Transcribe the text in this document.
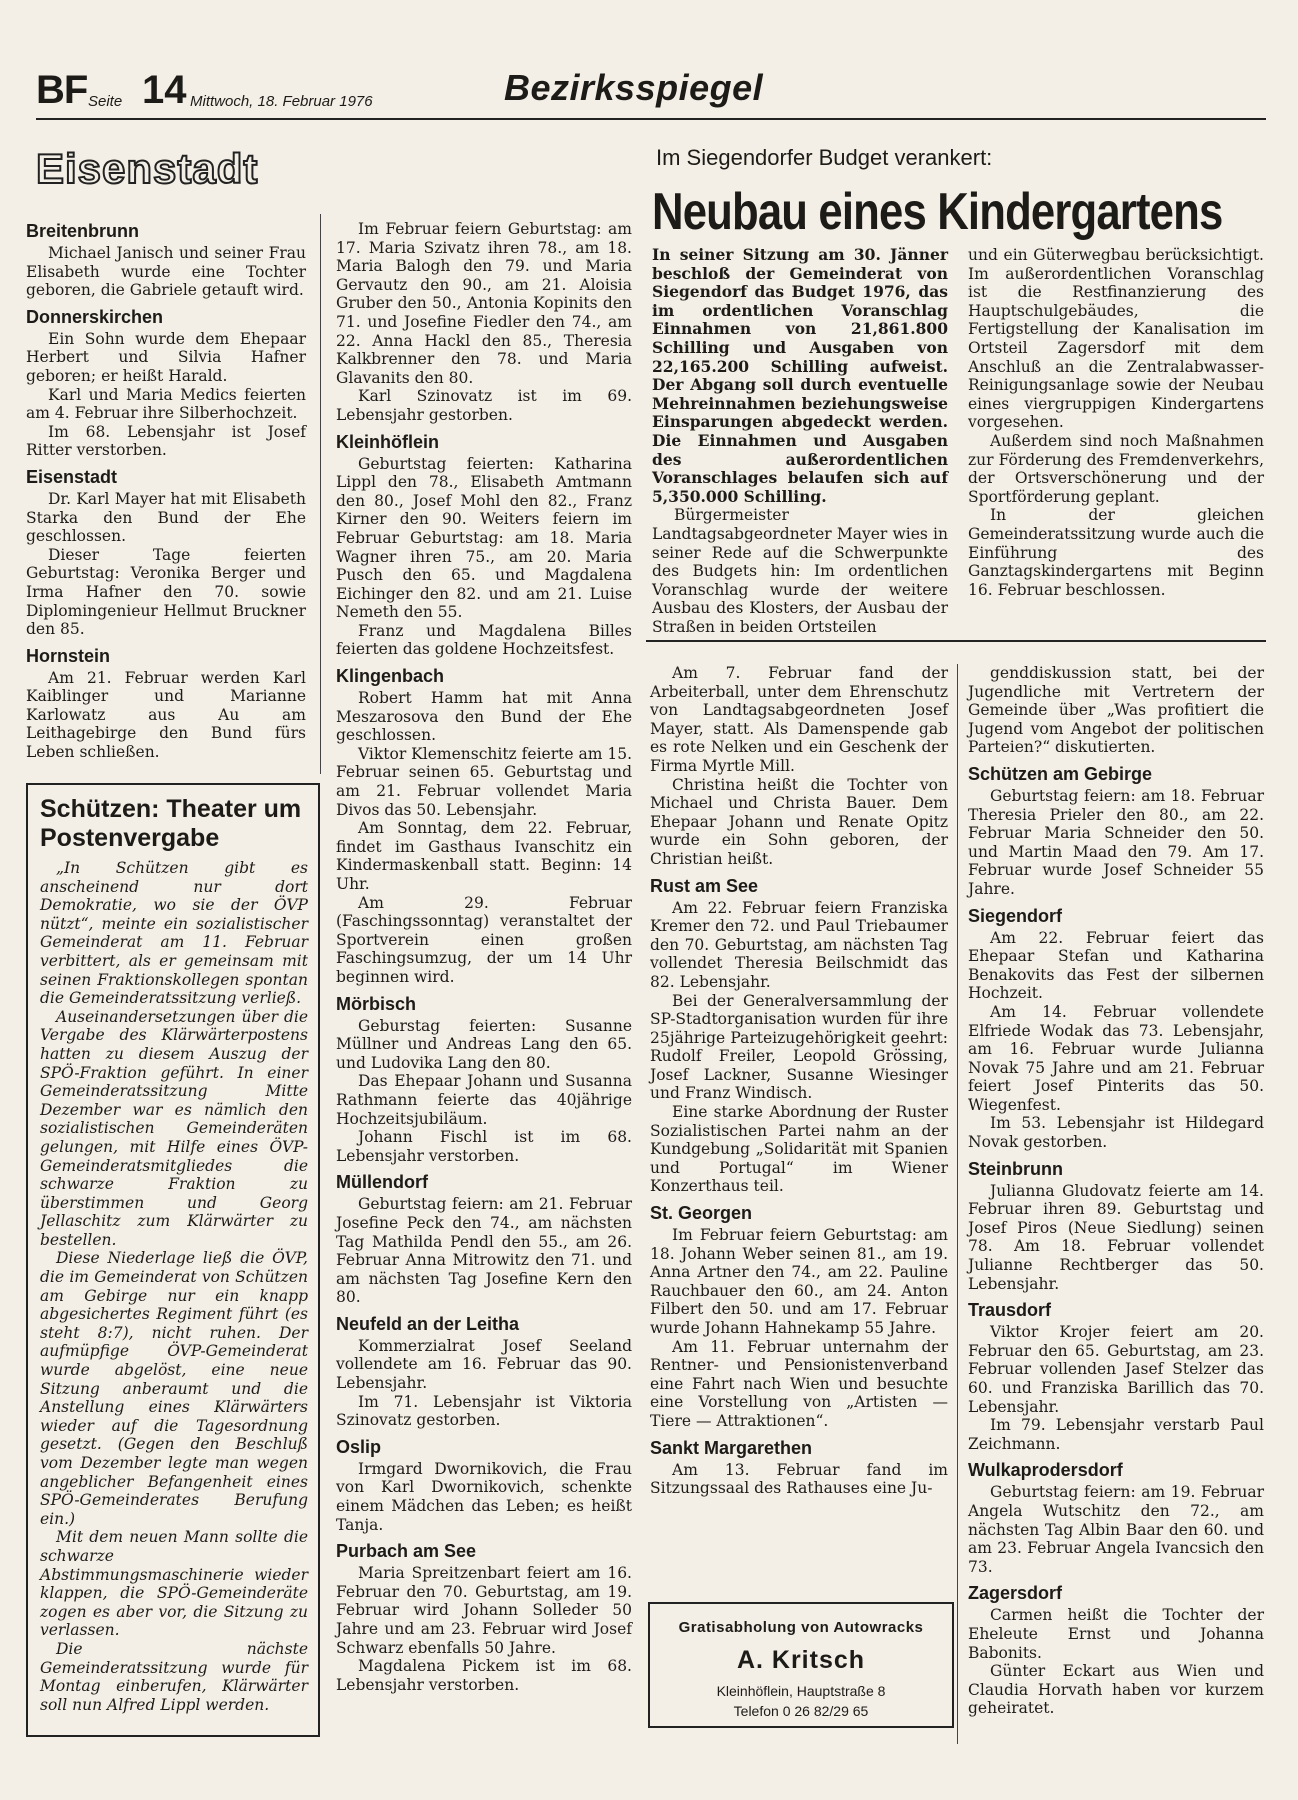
BF Seite 14 Mittwoch, 18. Februar 1976	Bezirksspiegel
Eisenstadt
Breitenbrunn

Michael Janisch und seiner Frau Elisabeth wurde eine Tochter geboren, die Gabriele getauft wird.

Donnerskirchen

Ein Sohn wurde dem Ehepaar Herbert und Silvia Hafner geboren; er heißt Harald.

Karl und Maria Medics feierten am 4. Februar ihre Silberhochzeit.

Im 68. Lebensjahr ist Josef Ritter verstorben.

Eisenstadt

Dr. Karl Mayer hat mit Elisabeth Starka den Bund der Ehe geschlossen.

Dieser Tage feierten Geburtstag: Veronika Berger und Irma Hafner den 70. sowie Diplomingenieur Hellmut Bruckner den 85.

Hornstein

Am 21. Februar werden Karl Kaiblinger und Marianne Karlowatz aus Au am Leithagebirge den Bund fürs Leben schließen.

Schützen: Theater um Postenvergabe

„In Schützen gibt es anscheinend nur dort Demokratie, wo sie der ÖVP nützt“, meinte ein sozialistischer Gemeinderat am 11. Februar verbittert, als er gemeinsam mit seinen Fraktionskollegen spontan die Gemeinderatssitzung verließ.

Auseinandersetzungen über die Vergabe des Klärwärterpostens hatten zu diesem Auszug der SPÖ-Fraktion geführt. In einer Gemeinderatssitzung Mitte Dezember war es nämlich den sozialistischen Gemeinderäten gelungen, mit Hilfe eines ÖVP-Gemeinderatsmitgliedes die schwarze Fraktion zu überstimmen und Georg Jellaschitz zum Klärwärter zu bestellen.

Diese Niederlage ließ die ÖVP, die im Gemeinderat von Schützen am Gebirge nur ein knapp abgesichertes Regiment führt (es steht 8:7), nicht ruhen. Der aufmüpfige ÖVP-Gemeinderat wurde abgelöst, eine neue Sitzung anberaumt und die Anstellung eines Klärwärters wieder auf die Tagesordnung gesetzt. (Gegen den Beschluß vom Dezember legte man wegen angeblicher Befangenheit eines SPÖ-Gemeinderates Berufung ein.)

Mit dem neuen Mann sollte die schwarze Abstimmungsmaschinerie wieder klappen, die SPÖ-Gemeinderäte zogen es aber vor, die Sitzung zu verlassen.

Die nächste Gemeinderatssitzung wurde für Montag einberufen, Klärwärter soll nun Alfred Lippl werden.

Im Februar feiern Geburtstag: am 17. Maria Szivatz ihren 78., am 18. Maria Balogh den 79. und Maria Gervautz den 90., am 21. Aloisia Gruber den 50., Antonia Kopinits den 71. und Josefine Fiedler den 74., am 22. Anna Hackl den 85., Theresia Kalkbrenner den 78. und Maria Glavanits den 80.

Karl Szinovatz ist im 69. Lebensjahr gestorben.

Kleinhöflein

Geburtstag feierten: Katharina Lippl den 78., Elisabeth Amtmann den 80., Josef Mohl den 82., Franz Kirner den 90. Weiters feiern im Februar Geburtstag: am 18. Maria Wagner ihren 75., am 20. Maria Pusch den 65. und Magdalena Eichinger den 82. und am 21. Luise Nemeth den 55.

Franz und Magdalena Billes feierten das goldene Hochzeitsfest.

Klingenbach

Robert Hamm hat mit Anna Meszarosova den Bund der Ehe geschlossen.

Viktor Klemenschitz feierte am 15. Februar seinen 65. Geburtstag und am 21. Februar vollendet Maria Divos das 50. Lebensjahr.

Am Sonntag, dem 22. Februar, findet im Gasthaus Ivanschitz ein Kindermaskenball statt. Beginn: 14 Uhr.

Am 29. Februar (Faschingssonntag) veranstaltet der Sportverein einen großen Faschingsumzug, der um 14 Uhr beginnen wird.

Mörbisch

Geburstag feierten: Susanne Müllner und Andreas Lang den 65. und Ludovika Lang den 80.

Das Ehepaar Johann und Susanna Rathmann feierte das 40jährige Hochzeitsjubiläum.

Johann Fischl ist im 68. Lebensjahr verstorben.

Müllendorf

Geburtstag feiern: am 21. Februar Josefine Peck den 74., am nächsten Tag Mathilda Pendl den 55., am 26. Februar Anna Mitrowitz den 71. und am nächsten Tag Josefine Kern den 80.

Neufeld an der Leitha

Kommerzialrat Josef Seeland vollendete am 16. Februar das 90. Lebensjahr.

Im 71. Lebensjahr ist Viktoria Szinovatz gestorben.

Oslip

Irmgard Dwornikovich, die Frau von Karl Dwornikovich, schenkte einem Mädchen das Leben; es heißt Tanja.

Purbach am See

Maria Spreitzenbart feiert am 16. Februar den 70. Geburtstag, am 19. Februar wird Johann Solleder 50 Jahre und am 23. Februar wird Josef Schwarz ebenfalls 50 Jahre.

Magdalena Pickem ist im 68. Lebensjahr verstorben.

Im Siegendorfer Budget verankert:
Neubau eines Kindergartens

In seiner Sitzung am 30. Jänner beschloß der Gemeinderat von Siegendorf das Budget 1976, das im ordentlichen Voranschlag Einnahmen von 21,861.800 Schilling und Ausgaben von 22,165.200 Schilling aufweist. Der Abgang soll durch eventuelle Mehreinnahmen beziehungsweise Einsparungen abgedeckt werden. Die Einnahmen und Ausgaben des außerordentlichen Voranschlages belaufen sich auf 5,350.000 Schilling.

Bürgermeister Landtagsabgeordneter Mayer wies in seiner Rede auf die Schwerpunkte des Budgets hin: Im ordentlichen Voranschlag wurde der weitere Ausbau des Klosters, der Ausbau der Straßen in beiden Ortsteilen

und ein Güterwegbau berücksichtigt. Im außerordentlichen Voranschlag ist die Restfinanzierung des Hauptschulgebäudes, die Fertigstellung der Kanalisation im Ortsteil Zagersdorf mit dem Anschluß an die Zentralabwasser-Reinigungsanlage sowie der Neubau eines viergruppigen Kindergartens vorgesehen.

Außerdem sind noch Maßnahmen zur Förderung des Fremdenverkehrs, der Ortsverschönerung und der Sportförderung geplant.

In der gleichen Gemeinderatssitzung wurde auch die Einführung des Ganztagskindergartens mit Beginn 16. Februar beschlossen.

Am 7. Februar fand der Arbeiterball, unter dem Ehrenschutz von Landtagsabgeordneten Josef Mayer, statt. Als Damenspende gab es rote Nelken und ein Geschenk der Firma Myrtle Mill.

Christina heißt die Tochter von Michael und Christa Bauer. Dem Ehepaar Johann und Renate Opitz wurde ein Sohn geboren, der Christian heißt.

Rust am See

Am 22. Februar feiern Franziska Kremer den 72. und Paul Triebaumer den 70. Geburtstag, am nächsten Tag vollendet Theresia Beilschmidt das 82. Lebensjahr.

Bei der Generalversammlung der SP-Stadtorganisation wurden für ihre 25jährige Parteizugehörigkeit geehrt: Rudolf Freiler, Leopold Grössing, Josef Lackner, Susanne Wiesinger und Franz Windisch.

Eine starke Abordnung der Ruster Sozialistischen Partei nahm an der Kundgebung „Solidarität mit Spanien und Portugal“ im Wiener Konzerthaus teil.

St. Georgen

Im Februar feiern Geburtstag: am 18. Johann Weber seinen 81., am 19. Anna Artner den 74., am 22. Pauline Rauchbauer den 60., am 24. Anton Filbert den 50. und am 17. Februar wurde Johann Hahnekamp 55 Jahre.

Am 11. Februar unternahm der Rentner- und Pensionistenverband eine Fahrt nach Wien und besuchte eine Vorstellung von „Artisten — Tiere — Attraktionen“.

Sankt Margarethen

Am 13. Februar fand im Sitzungssaal des Rathauses eine Ju-

genddiskussion statt, bei der Jugendliche mit Vertretern der Gemeinde über „Was profitiert die Jugend vom Angebot der politischen Parteien?“ diskutierten.

Schützen am Gebirge

Geburtstag feiern: am 18. Februar Theresia Prieler den 80., am 22. Februar Maria Schneider den 50. und Martin Maad den 79. Am 17. Februar wurde Josef Schneider 55 Jahre.

Siegendorf

Am 22. Februar feiert das Ehepaar Stefan und Katharina Benakovits das Fest der silbernen Hochzeit.

Am 14. Februar vollendete Elfriede Wodak das 73. Lebensjahr, am 16. Februar wurde Julianna Novak 75 Jahre und am 21. Februar feiert Josef Pinterits das 50. Wiegenfest.

Im 53. Lebensjahr ist Hildegard Novak gestorben.

Steinbrunn

Julianna Gludovatz feierte am 14. Februar ihren 89. Geburtstag und Josef Piros (Neue Siedlung) seinen 78. Am 18. Februar vollendet Julianne Rechtberger das 50. Lebensjahr.

Trausdorf

Viktor Krojer feiert am 20. Februar den 65. Geburtstag, am 23. Februar vollenden Jasef Stelzer das 60. und Franziska Barillich das 70. Lebensjahr.

Im 79. Lebensjahr verstarb Paul Zeichmann.

Wulkaprodersdorf

Geburtstag feiern: am 19. Februar Angela Wutschitz den 72., am nächsten Tag Albin Baar den 60. und am 23. Februar Angela Ivancsich den 73.

Zagersdorf

Carmen heißt die Tochter der Eheleute Ernst und Johanna Babonits.

Günter Eckart aus Wien und Claudia Horvath haben vor kurzem geheiratet.

Gratisabholung von Autowracks
A. Kritsch
Kleinhöflein, Hauptstraße 8
Telefon 0 26 82/29 65
